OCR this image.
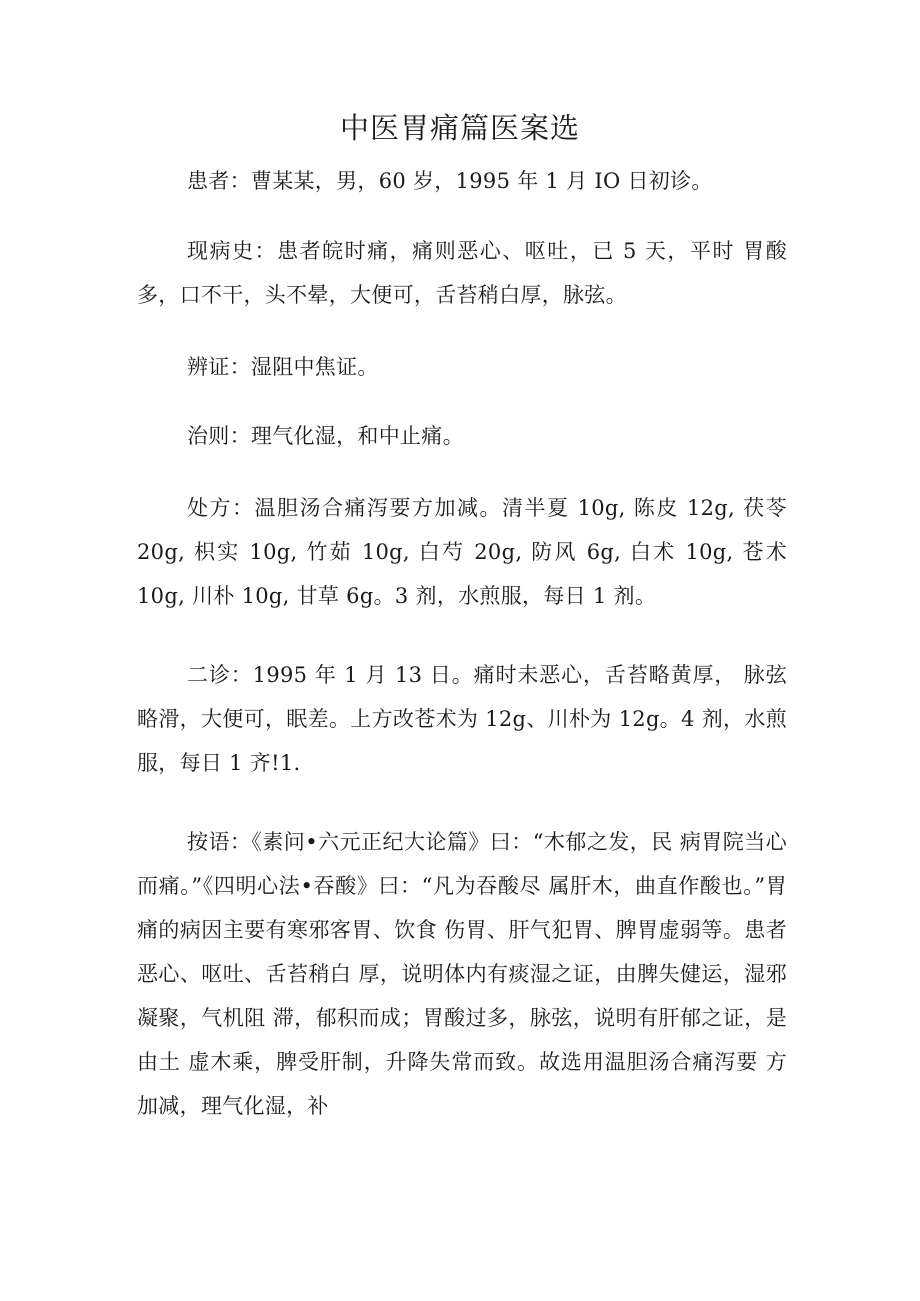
中医胃痛篇医案选

患者：曹某某，男，60 岁，1995 年 1 月 IO 日初诊。

现病史：患者皖时痛，痛则恶心、呕吐，已 5 天，平时 胃酸多，口不干，头不晕，大便可，舌苔稍白厚，脉弦。

辨证：湿阻中焦证。

治则：理气化湿，和中止痛。

处方：温胆汤合痛泻要方加减。清半夏 10g, 陈皮 12g, 茯苓 20g, 枳实 10g, 竹茹 10g, 白芍 20g, 防风 6g, 白术 10g, 苍术 10g, 川朴 10g, 甘草 6g。3 剂，水煎服，每日 1 剂。

二诊：1995 年 1 月 13 日。痛时未恶心，舌苔略黄厚， 脉弦略滑，大便可，眠差。上方改苍术为 12g、川朴为 12g。4 剂，水煎服，每日 1 齐!1.

按语：《素问•六元正纪大论篇》曰：“木郁之发，民 病胃院当心而痛。”《四明心法•吞酸》曰：“凡为吞酸尽 属肝木，曲直作酸也。”胃痛的病因主要有寒邪客胃、饮食 伤胃、肝气犯胃、脾胃虚弱等。患者恶心、呕吐、舌苔稍白 厚，说明体内有痰湿之证，由脾失健运，湿邪凝聚，气机阻 滞，郁积而成；胃酸过多，脉弦，说明有肝郁之证，是由土 虚木乘，脾受肝制，升降失常而致。故选用温胆汤合痛泻要 方加减，理气化湿，补
